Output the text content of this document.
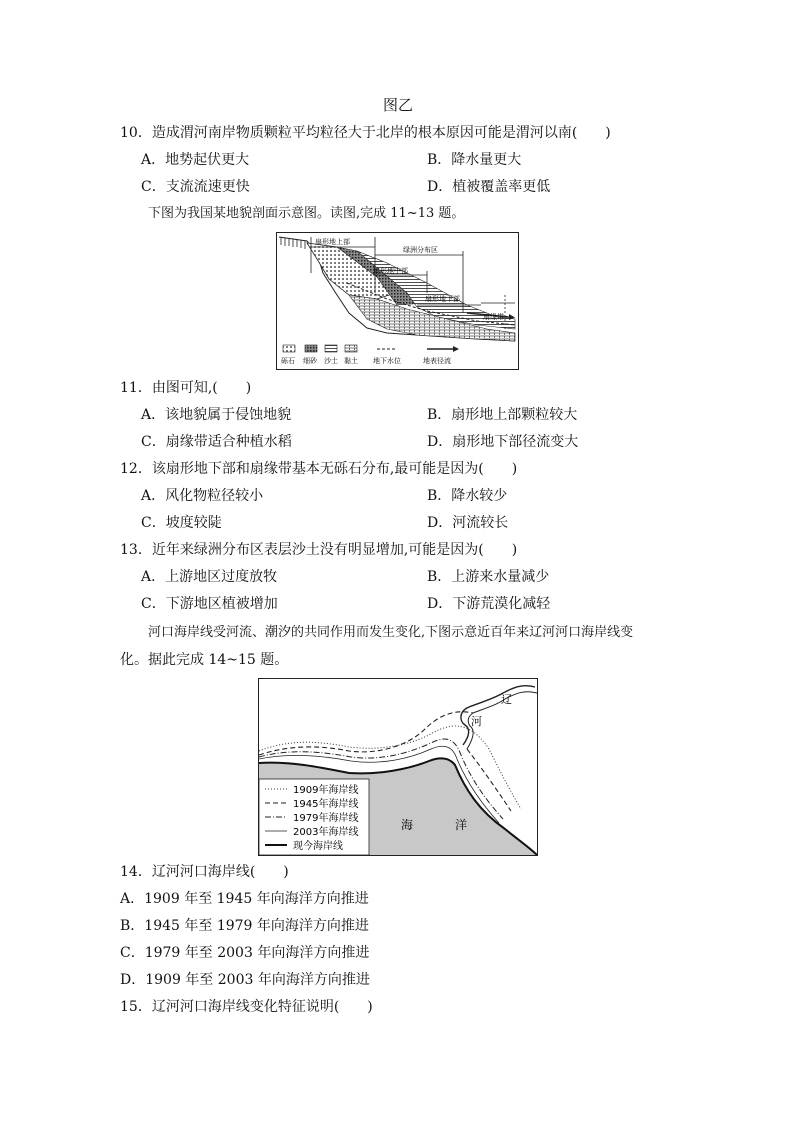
图乙
10．造成渭河南岸物质颗粒平均粒径大于北岸的根本原因可能是渭河以南(　　)
A．地势起伏更大	B．降水量更大
C．支流流速更快	D．植被覆盖率更低
下图为我国某地貌剖面示意图。读图,完成 11~13 题。
扇形地上部
绿洲分布区
扇形地中部
扇形地下部
扇缘带
砾石 细砂 沙土 黏土 地下水位	地表径流
11．由图可知,(　　)
A．该地貌属于侵蚀地貌	B．扇形地上部颗粒较大
C．扇缘带适合种植水稻	D．扇形地下部径流变大
12．该扇形地下部和扇缘带基本无砾石分布,最可能是因为(　　)
A．风化物粒径较小	B．降水较少
C．坡度较陡	D．河流较长
13．近年来绿洲分布区表层沙土没有明显增加,可能是因为(　　)
A．上游地区过度放牧	B．上游来水量减少
C．下游地区植被增加	D．下游荒漠化减轻
河口海岸线受河流、潮汐的共同作用而发生变化,下图示意近百年来辽河河口海岸线变
化。据此完成 14~15 题。
辽
河
海	洋
1909年海岸线
1945年海岸线
1979年海岸线
2003年海岸线
现今海岸线
14．辽河河口海岸线(　　)
A．1909 年至 1945 年向海洋方向推进
B．1945 年至 1979 年向海洋方向推进
C．1979 年至 2003 年向海洋方向推进
D．1909 年至 2003 年向海洋方向推进
15．辽河河口海岸线变化特征说明(　　)
